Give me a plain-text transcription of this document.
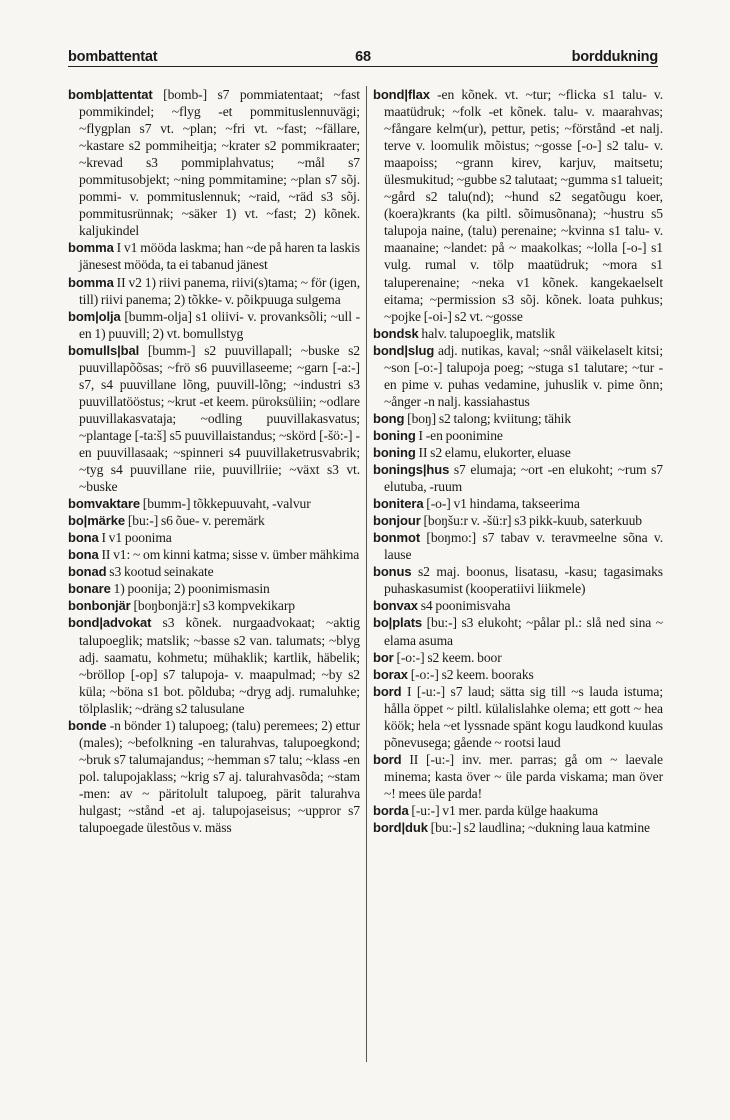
bombattentat	68	borddukning

bomb|attentat [bomb-] s7 pommiatentaat; ~fast pommikindel; ~flyg -et pommituslennuvägi; ~flygplan s7 vt. ~plan; ~fri vt. ~fast; ~fällare, ~kastare s2 pommiheitja; ~krater s2 pommikraater; ~krevad s3 pommiplahvatus; ~mål s7 pommitusobjekt; ~ning pommitamine; ~plan s7 sõj. pommi- v. pommituslennuk; ~raid, ~räd s3 sõj. pommitusrünnak; ~säker 1) vt. ~fast; 2) kõnek. kaljukindel

bomma I v1 mööda laskma; han ~de på haren ta laskis jänesest mööda, ta ei tabanud jänest

bomma II v2 1) riivi panema, riivi(s)tama; ~ för (igen, till) riivi panema; 2) tõkke- v. põikpuuga sulgema

bom|olja [bumm-olja] s1 oliivi- v. provanksõli; ~ull -en 1) puuvill; 2) vt. bomullstyg

bomulls|bal [bumm-] s2 puuvillapall; ~buske s2 puuvillapõõsas; ~frö s6 puuvillaseeme; ~garn [-a:-] s7, s4 puuvillane lõng, puuvill-lõng; ~industri s3 puuvillatööstus; ~krut -et keem. püroksüliin; ~odlare puuvillakasvataja; ~odling puuvillakasvatus; ~plantage [-ta:š] s5 puuvillaistandus; ~skörd [-šö:-] -en puuvillasaak; ~spinneri s4 puuvillaketrusvabrik; ~tyg s4 puuvillane riie, puuvillriie; ~växt s3 vt. ~buske

bomvaktare [bumm-] tõkkepuuvaht, -valvur

bo|märke [bu:-] s6 õue- v. peremärk

bona I v1 poonima

bona II v1: ~ om kinni katma; sisse v. ümber mähkima

bonad s3 kootud seinakate

bonare 1) poonija; 2) poonimismasin

bonbonjär [boŋbonjä:r] s3 kompvekikarp

bond|advokat s3 kõnek. nurgaadvokaat; ~aktig talupoeglik; matslik; ~basse s2 van. talumats; ~blyg adj. saamatu, kohmetu; mühaklik; kartlik, häbelik; ~bröllop [-op] s7 talupoja- v. maapulmad; ~by s2 küla; ~böna s1 bot. põlduba; ~dryg adj. rumaluhke; tölplaslik; ~dräng s2 talusulane

bonde -n bönder 1) talupoeg; (talu) peremees; 2) ettur (males); ~befolkning -en talurahvas, talupoegkond; ~bruk s7 talumajandus; ~hemman s7 talu; ~klass -en pol. talupojaklass; ~krig s7 aj. talurahvasõda; ~stam -men: av ~ päritolult talupoeg, pärit talurahva hulgast; ~stånd -et aj. talupojaseisus; ~uppror s7 talupoegade ülestõus v. mäss

bond|flax -en kõnek. vt. ~tur; ~flicka s1 talu- v. maatüdruk; ~folk -et kõnek. talu- v. maarahvas; ~fångare kelm(ur), pettur, petis; ~förstånd -et nalj. terve v. loomulik mõistus; ~gosse [-o-] s2 talu- v. maapoiss; ~grann kirev, karjuv, maitsetu; ülesmukitud; ~gubbe s2 talutaat; ~gumma s1 talueit; ~gård s2 talu(nd); ~hund s2 segatõugu koer, (koera)krants (ka piltl. sõimusõnana); ~hustru s5 talupoja naine, (talu) perenaine; ~kvinna s1 talu- v. maanaine; ~landet: på ~ maakolkas; ~lolla [-o-] s1 vulg. rumal v. tölp maatüdruk; ~mora s1 taluperenaine; ~neka v1 kõnek. kangekaelselt eitama; ~permission s3 sõj. kõnek. loata puhkus; ~pojke [-oi-] s2 vt. ~gosse

bondsk halv. talupoeglik, matslik

bond|slug adj. nutikas, kaval; ~snål väikelaselt kitsi; ~son [-o:-] talupoja poeg; ~stuga s1 talutare; ~tur -en pime v. puhas vedamine, juhuslik v. pime õnn; ~ånger -n nalj. kassiahastus

bong [boŋ] s2 talong; kviitung; tähik

boning I -en poonimine

boning II s2 elamu, elukorter, eluase

bonings|hus s7 elumaja; ~ort -en elukoht; ~rum s7 elutuba, -ruum

bonitera [-o-] v1 hindama, takseerima

bonjour [boŋšu:r v. -šü:r] s3 pikk-kuub, saterkuub

bonmot [boŋmo:] s7 tabav v. teravmeelne sõna v. lause

bonus s2 maj. boonus, lisatasu, -kasu; tagasimaks puhaskasumist (kooperatiivi liikmele)

bonvax s4 poonimisvaha

bo|plats [bu:-] s3 elukoht; ~pålar pl.: slå ned sina ~ elama asuma

bor [-o:-] s2 keem. boor

borax [-o:-] s2 keem. booraks

bord I [-u:-] s7 laud; sätta sig till ~s lauda istuma; hålla öppet ~ piltl. külalislahke olema; ett gott ~ hea köök; hela ~et lyssnade spänt kogu laudkond kuulas põnevusega; gående ~ rootsi laud

bord II [-u:-] inv. mer. parras; gå om ~ laevale minema; kasta över ~ üle parda viskama; man över ~! mees üle parda!

borda [-u:-] v1 mer. parda külge haakuma

bord|duk [bu:-] s2 laudlina; ~dukning laua katmine
